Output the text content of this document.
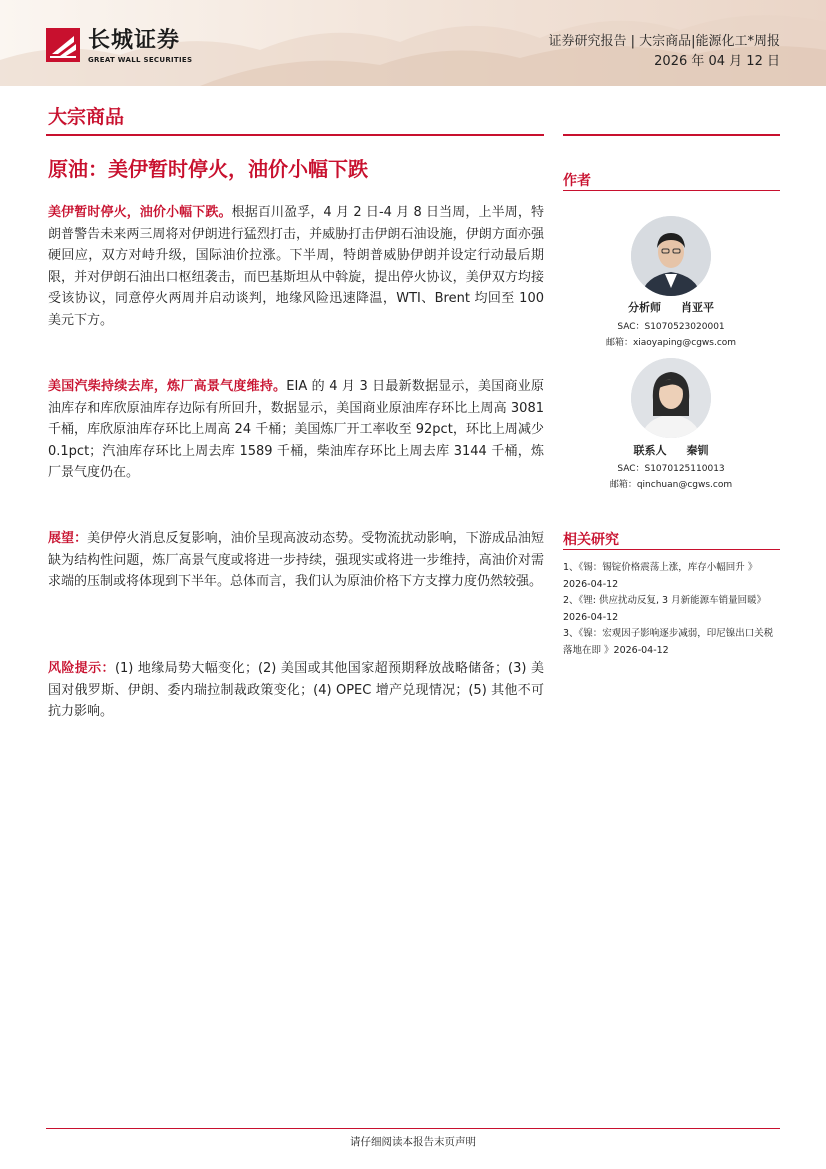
长城证券
GREAT WALL SECURITIES
证券研究报告 | 大宗商品|能源化工*周报
2026 年 04 月 12 日
大宗商品
原油：美伊暂时停火，油价小幅下跌
美伊暂时停火，油价小幅下跌。根据百川盈孚，4 月 2 日-4 月 8 日当周，上半周，特朗普警告未来两三周将对伊朗进行猛烈打击，并威胁打击伊朗石油设施，伊朗方面亦强硬回应，双方对峙升级，国际油价拉涨。下半周，特朗普威胁伊朗并设定行动最后期限，并对伊朗石油出口枢纽袭击，而巴基斯坦从中斡旋，提出停火协议，美伊双方均接受该协议，同意停火两周并启动谈判，地缘风险迅速降温，WTI、Brent 均回至 100 美元下方。
美国汽柴持续去库，炼厂高景气度维持。EIA 的 4 月 3 日最新数据显示，美国商业原油库存和库欣原油库存边际有所回升，数据显示，美国商业原油库存环比上周高 3081 千桶，库欣原油库存环比上周高 24 千桶；美国炼厂开工率收至 92pct，环比上周减少 0.1pct；汽油库存环比上周去库 1589 千桶，柴油库存环比上周去库 3144 千桶，炼厂景气度仍在。
展望：美伊停火消息反复影响，油价呈现高波动态势。受物流扰动影响，下游成品油短缺为结构性问题，炼厂高景气度或将进一步持续，强现实或将进一步维持，高油价对需求端的压制或将体现到下半年。总体而言，我们认为原油价格下方支撑力度仍然较强。
风险提示：(1) 地缘局势大幅变化；(2) 美国或其他国家超预期释放战略储备；(3) 美国对俄罗斯、伊朗、委内瑞拉制裁政策变化；(4) OPEC 增产兑现情况；(5) 其他不可抗力影响。
作者
分析师 肖亚平
SAC：S1070523020001
邮箱：xiaoyaping@cgws.com
联系人 秦钏
SAC：S1070125110013
邮箱：qinchuan@cgws.com
相关研究
1、《锡：锡锭价格震荡上涨，库存小幅回升 》2026-04-12
2、《锂: 供应扰动反复, 3 月新能源车销量回暖》2026-04-12
3、《镍：宏观因子影响逐步减弱，印尼镍出口关税落地在即 》2026-04-12
请仔细阅读本报告末页声明
